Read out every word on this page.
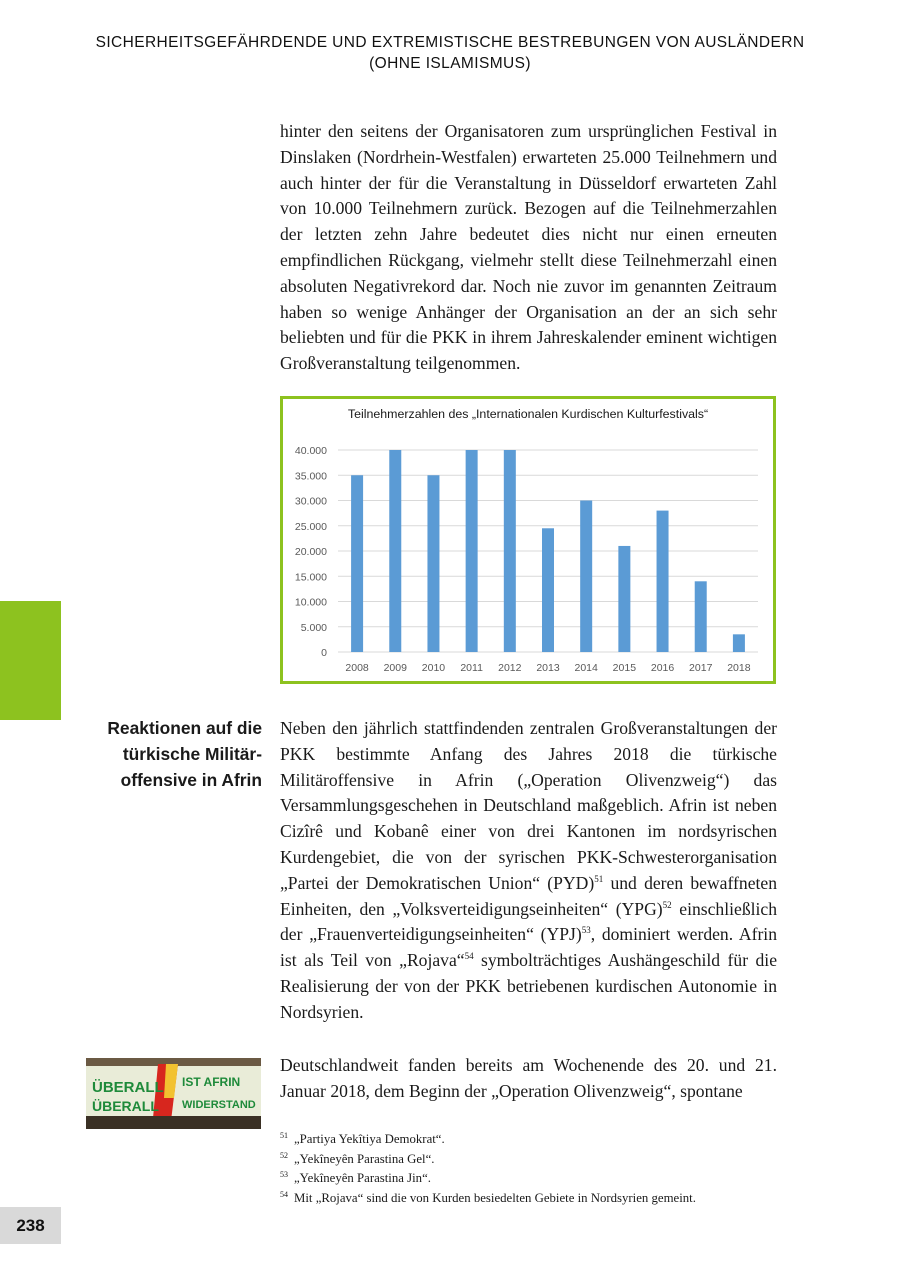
SICHERHEITSGEFÄHRDENDE UND EXTREMISTISCHE BESTREBUNGEN VON AUSLÄNDERN
(OHNE ISLAMISMUS)

hinter den seitens der Organisatoren zum ursprünglichen Festival in Dinslaken (Nordrhein-Westfalen) erwarteten 25.000 Teilnehmern und auch hinter der für die Veranstaltung in Düsseldorf erwarteten Zahl von 10.000 Teilnehmern zurück. Bezogen auf die Teilnehmerzahlen der letzten zehn Jahre bedeutet dies nicht nur einen erneuten empfindlichen Rückgang, vielmehr stellt diese Teilnehmerzahl einen absoluten Negativrekord dar. Noch nie zuvor im genannten Zeitraum haben so wenige Anhänger der Organisation an der an sich sehr beliebten und für die PKK in ihrem Jahreskalender eminent wichtigen Großveranstaltung teilgenommen.

Teilnehmerzahlen des „Internationalen Kurdischen Kulturfestivals“
0
5.000
10.000
15.000
20.000
25.000
30.000
35.000
40.000
2008 2009 2010 2011 2012 2013 2014 2015 2016 2017 2018
Reaktionen auf die
türkische Militär-
offensive in Afrin

Neben den jährlich stattfindenden zentralen Großveranstaltungen der PKK bestimmte Anfang des Jahres 2018 die türkische Militäroffensive in Afrin („Operation Olivenzweig“) das Versammlungsgeschehen in Deutschland maßgeblich. Afrin ist neben Cizîrê und Kobanê einer von drei Kantonen im nordsyrischen Kurdengebiet, die von der syrischen PKK-Schwesterorganisation „Partei der Demokratischen Union“ (PYD)$^{51}$ und deren bewaffneten Einheiten, den „Volksverteidigungseinheiten“ (YPG)$^{52}$ einschließlich der „Frauenverteidigungseinheiten“ (YPJ)$^{53}$, dominiert werden. Afrin ist als Teil von „Rojava“$^{54}$ symbolträchtiges Aushängeschild für die Realisierung der von der PKK betriebenen kurdischen Autonomie in Nordsyrien.

ÜBERALL IST AFRIN
ÜBERALL WIDERSTAND

Deutschlandweit fanden bereits am Wochenende des 20. und 21. Januar 2018, dem Beginn der „Operation Olivenzweig“, spontane

51 „Partiya Yekîtiya Demokrat“.
52 „Yekîneyên Parastina Gel“.
53 „Yekîneyên Parastina Jin“.
54 Mit „Rojava“ sind die von Kurden besiedelten Gebiete in Nordsyrien gemeint.
238
